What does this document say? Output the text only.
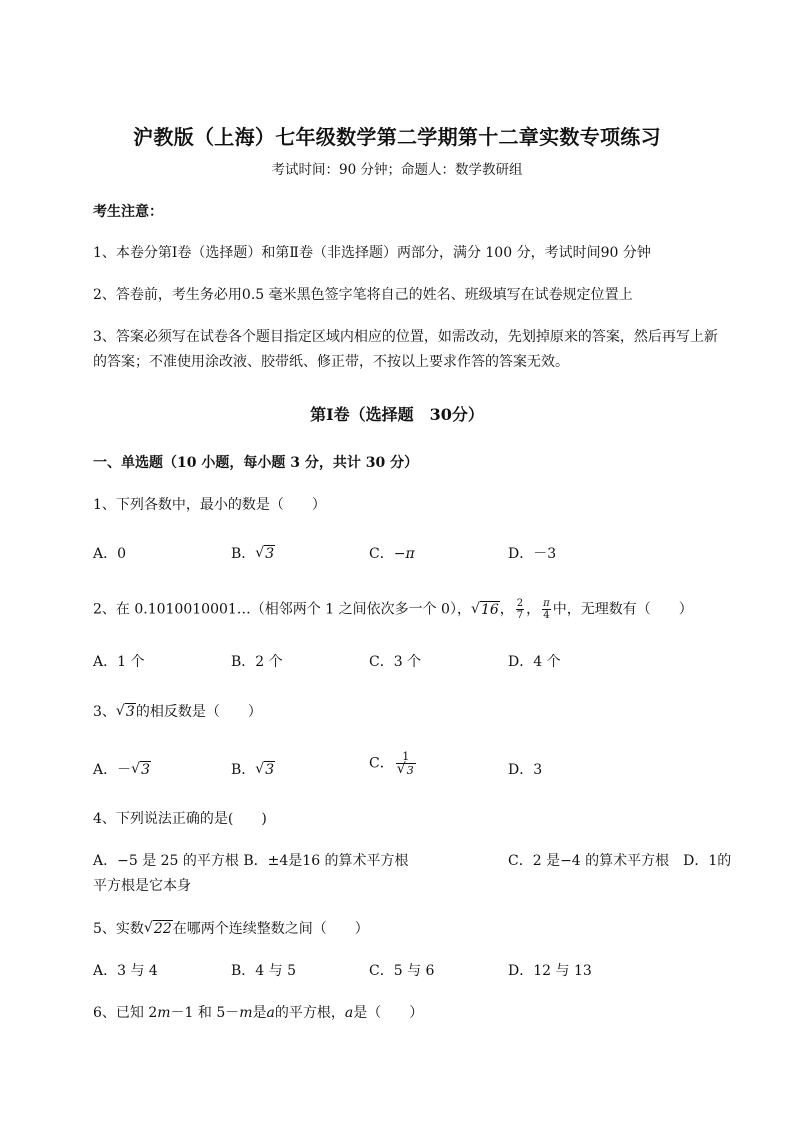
沪教版（上海）七年级数学第二学期第十二章实数专项练习
考试时间：90 分钟；命题人：数学教研组
考生注意：
1、本卷分第Ⅰ卷（选择题）和第Ⅱ卷（非选择题）两部分，满分 100 分，考试时间90 分钟
2、答卷前，考生务必用0.5 毫米黑色签字笔将自己的姓名、班级填写在试卷规定位置上
3、答案必须写在试卷各个题目指定区域内相应的位置，如需改动，先划掉原来的答案，然后再写上新
的答案；不准使用涂改液、胶带纸、修正带，不按以上要求作答的答案无效。
第Ⅰ卷（选择题　30分）
一、单选题（10 小题，每小题 3 分，共计 30 分）
1、下列各数中，最小的数是（　　）
A．0	B． √ 3	C．−π	D．－3
2、在 0.1010010001…（相邻两个 1 之间依次多一个 0）， √ 16， $\frac{2}{7}$ ， $\frac{\pi}{4}$ 中，无理数有（　　）
A．1 个	B．2 个	C．3 个	D．4 个
3、 √ 3的相反数是（　　）
A．－ √ 3	B． √ 3	C． 1
√ 3	D．3
4、下列说法正确的是(　　)
A．−5 是 25 的平方根 B．±4是16 的算术平方根	C．2 是−4 的算术平方根　D．1的
平方根是它本身
5、实数 √ 22在哪两个连续整数之间（　　）
A．3 与 4	B．4 与 5	C．5 与 6	D．12 与 13
6、已知 2m－1 和 5－m是a的平方根，a是（　　）
